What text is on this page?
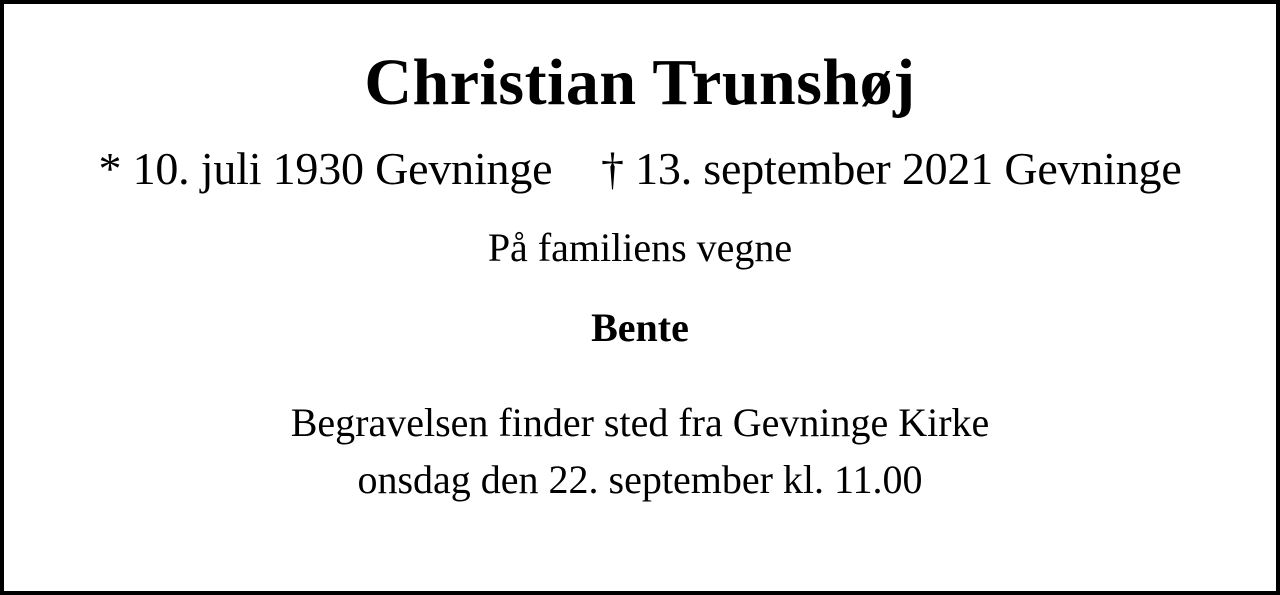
Christian Trunshøj
* 10. juli 1930 Gevninge † 13. september 2021 Gevninge
På familiens vegne
Bente
Begravelsen finder sted fra Gevninge Kirke
onsdag den 22. september kl. 11.00
